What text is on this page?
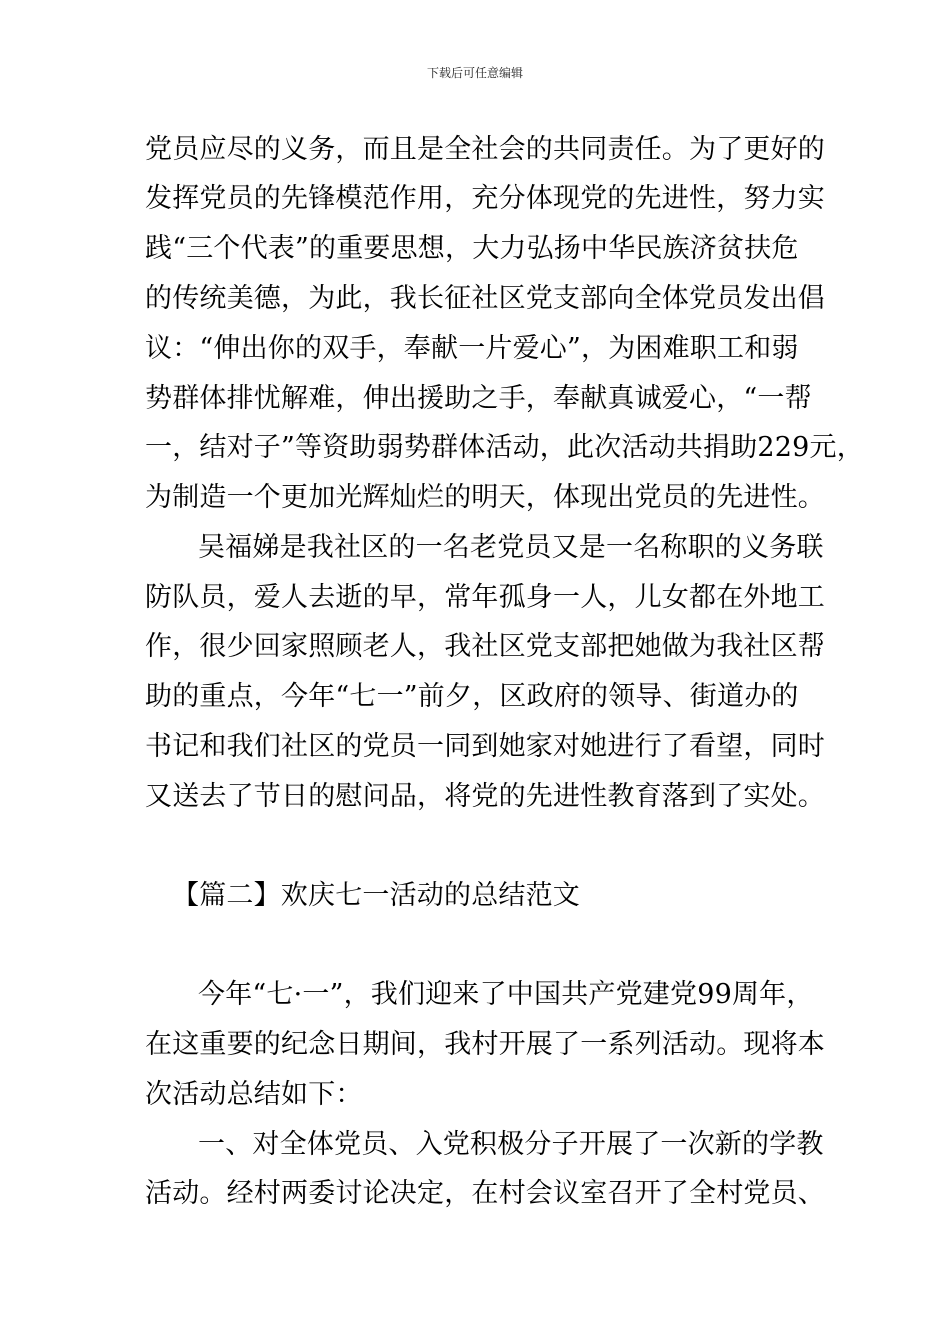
下载后可任意编辑
党员应尽的义务，而且是全社会的共同责任。为了更好的
发挥党员的先锋模范作用，充分体现党的先进性，努力实
践“三个代表”的重要思想，大力弘扬中华民族济贫扶危
的传统美德，为此，我长征社区党支部向全体党员发出倡
议：“伸出你的双手，奉献一片爱心”，为困难职工和弱
势群体排忧解难，伸出援助之手，奉献真诚爱心，“一帮
一，结对子”等资助弱势群体活动，此次活动共捐助229元，
为制造一个更加光辉灿烂的明天，体现出党员的先进性。
吴福娣是我社区的一名老党员又是一名称职的义务联
防队员，爱人去逝的早，常年孤身一人，儿女都在外地工
作，很少回家照顾老人，我社区党支部把她做为我社区帮
助的重点，今年“七一”前夕，区政府的领导、街道办的
书记和我们社区的党员一同到她家对她进行了看望，同时
又送去了节日的慰问品，将党的先进性教育落到了实处。
【篇二】欢庆七一活动的总结范文
今年“七·一”，我们迎来了中国共产党建党99周年，
在这重要的纪念日期间，我村开展了一系列活动。现将本
次活动总结如下：
一、对全体党员、入党积极分子开展了一次新的学教
活动。经村两委讨论决定，在村会议室召开了全村党员、
